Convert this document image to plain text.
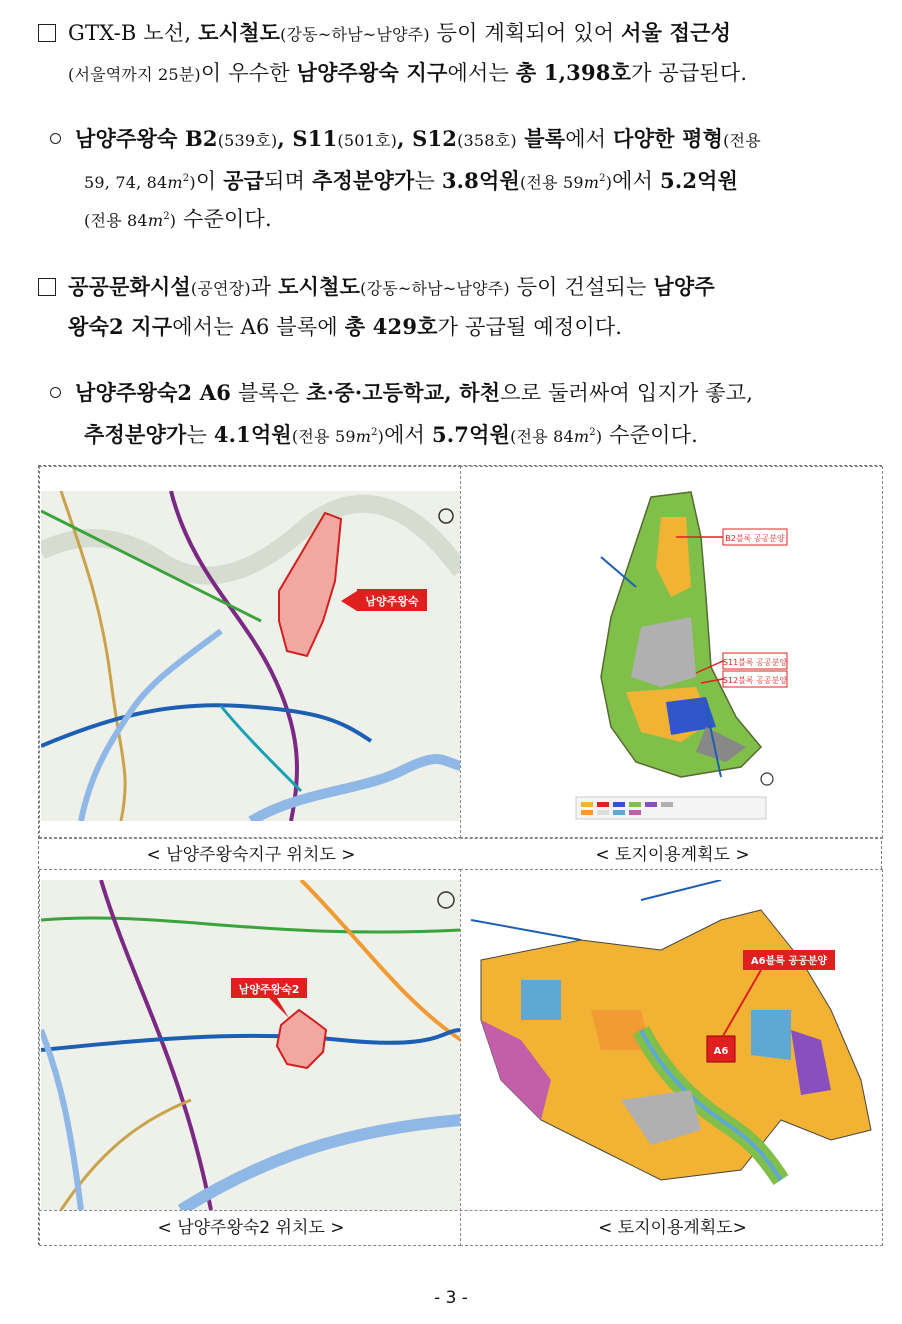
GTX-B 노선, 도시철도(강동~하남~남양주) 등이 계획되어 있어 서울 접근성
(서울역까지 25분)이 우수한 남양주왕숙 지구에서는 총 1,398호가 공급된다.
남양주왕숙 B2(539호), S11(501호), S12(358호) 블록에서 다양한 평형(전용
59, 74, $84m^2$)이 공급되며 추정분양가는 3.8억원(전용 $59m^2$)에서 5.2억원
(전용 $84m^2$) 수준이다.
공공문화시설(공연장)과 도시철도(강동~하남~남양주) 등이 건설되는 남양주
왕숙2 지구에서는 A6 블록에 총 429호가 공급될 예정이다.
남양주왕숙2 A6 블록은 초·중·고등학교, 하천으로 둘러싸여 입지가 좋고,
추정분양가는 4.1억원(전용 $59m^2$)에서 5.7억원(전용 $84m^2$) 수준이다.
남양주왕숙
< 남양주왕숙지구 위치도 >
B2블록 공공분양
S11블록 공공분양
S12블록 공공분양
< 토지이용계획도 >
남양주왕숙2
< 남양주왕숙2 위치도 >
A6
A6블록 공공분양
< 토지이용계획도>
- 3 -
